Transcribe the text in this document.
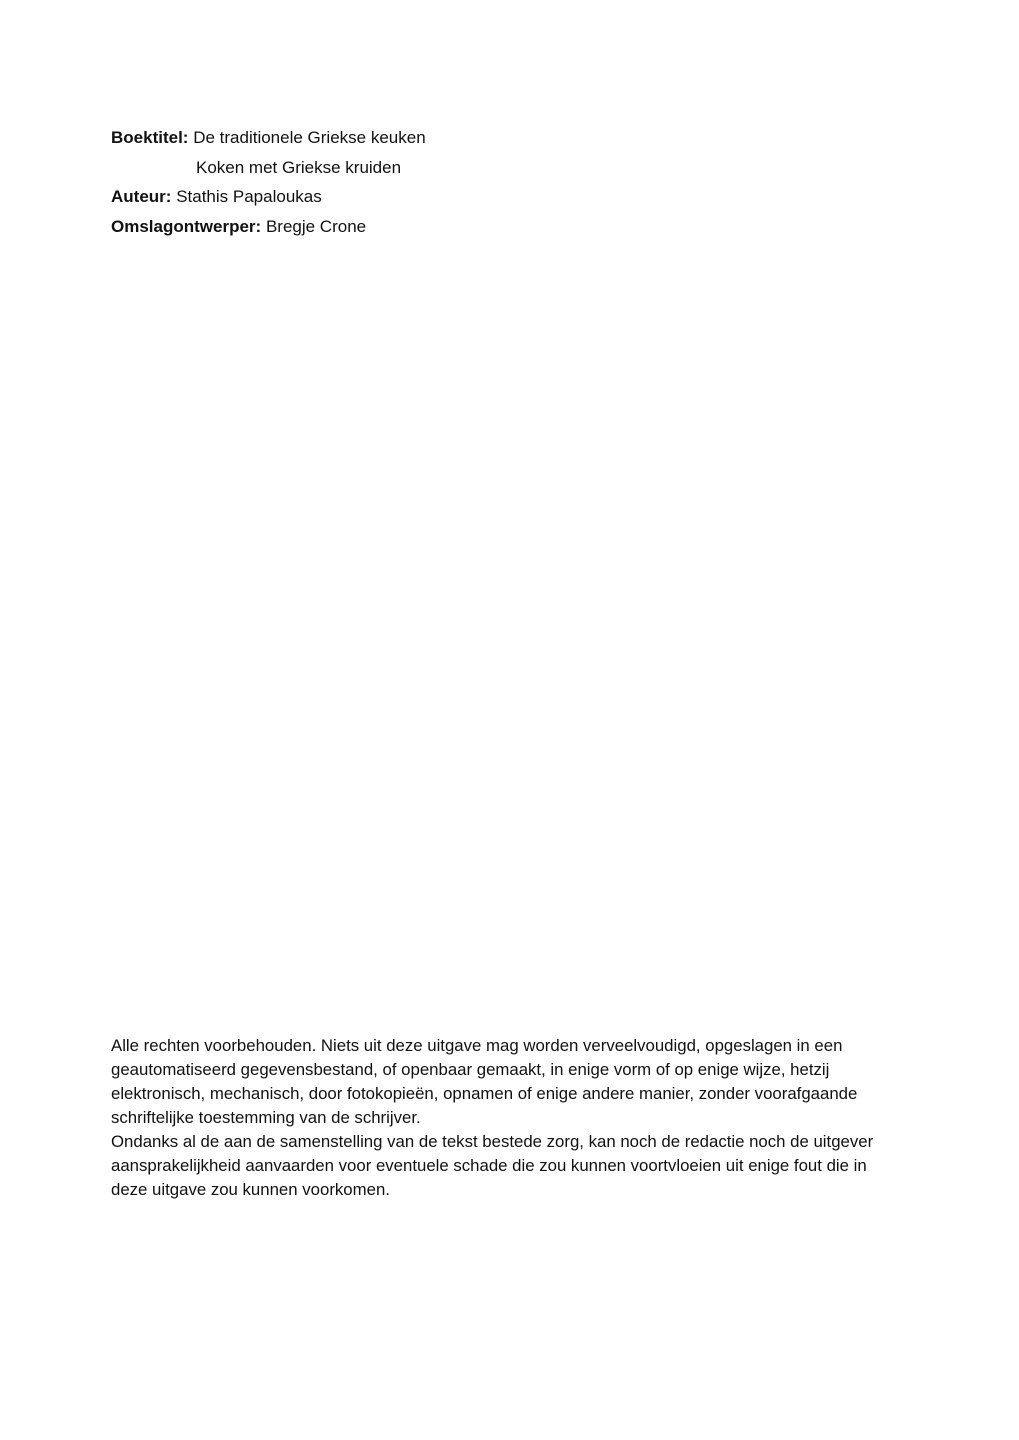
Boektitel: De traditionele Griekse keuken
Koken met Griekse kruiden
Auteur: Stathis Papaloukas
Omslagontwerper: Bregje Crone

Alle rechten voorbehouden. Niets uit deze uitgave mag worden verveelvoudigd, opgeslagen in een geautomatiseerd gegevensbestand, of openbaar gemaakt, in enige vorm of op enige wijze, hetzij elektronisch, mechanisch, door fotokopieën, opnamen of enige andere manier, zonder voorafgaande schriftelijke toestemming van de schrijver.

Ondanks al de aan de samenstelling van de tekst bestede zorg, kan noch de redactie noch de uitgever aansprakelijkheid aanvaarden voor eventuele schade die zou kunnen voortvloeien uit enige fout die in deze uitgave zou kunnen voorkomen.
